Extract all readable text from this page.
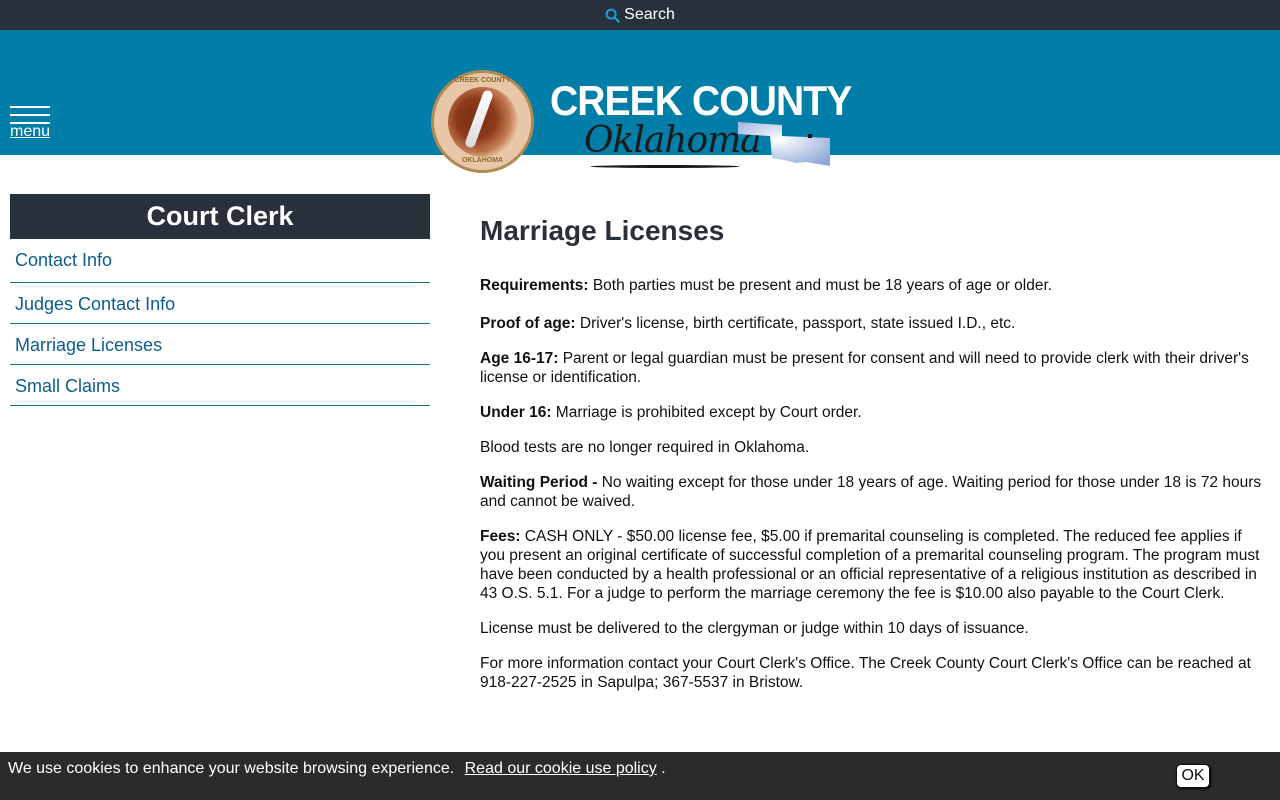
Search
menu
CREEK COUNTY
1907
OKLAHOMA
CREEK COUNTY
Oklahoma
Court Clerk
Contact Info
Judges Contact Info
Marriage Licenses
Small Claims
Marriage Licenses

Requirements: Both parties must be present and must be 18 years of age or older.

Proof of age: Driver's license, birth certificate, passport, state issued I.D., etc.

Age 16-17: Parent or legal guardian must be present for consent and will need to provide clerk with their driver's license or identification.

Under 16: Marriage is prohibited except by Court order.

Blood tests are no longer required in Oklahoma.

Waiting Period - No waiting except for those under 18 years of age. Waiting period for those under 18 is 72 hours and cannot be waived.

Fees: CASH ONLY - $50.00 license fee, $5.00 if premarital counseling is completed. The reduced fee applies if you present an original certificate of successful completion of a premarital counseling program. The program must have been conducted by a health professional or an official representative of a religious institution as described in 43 O.S. 5.1. For a judge to perform the marriage ceremony the fee is $10.00 also payable to the Court Clerk.

License must be delivered to the clergyman or judge within 10 days of issuance.

For more information contact your Court Clerk's Office. The Creek County Court Clerk's Office can be reached at 918-227-2525 in Sapulpa; 367-5537 in Bristow.

We use cookies to enhance your website browsing experience. Read our cookie use policy .	OK
